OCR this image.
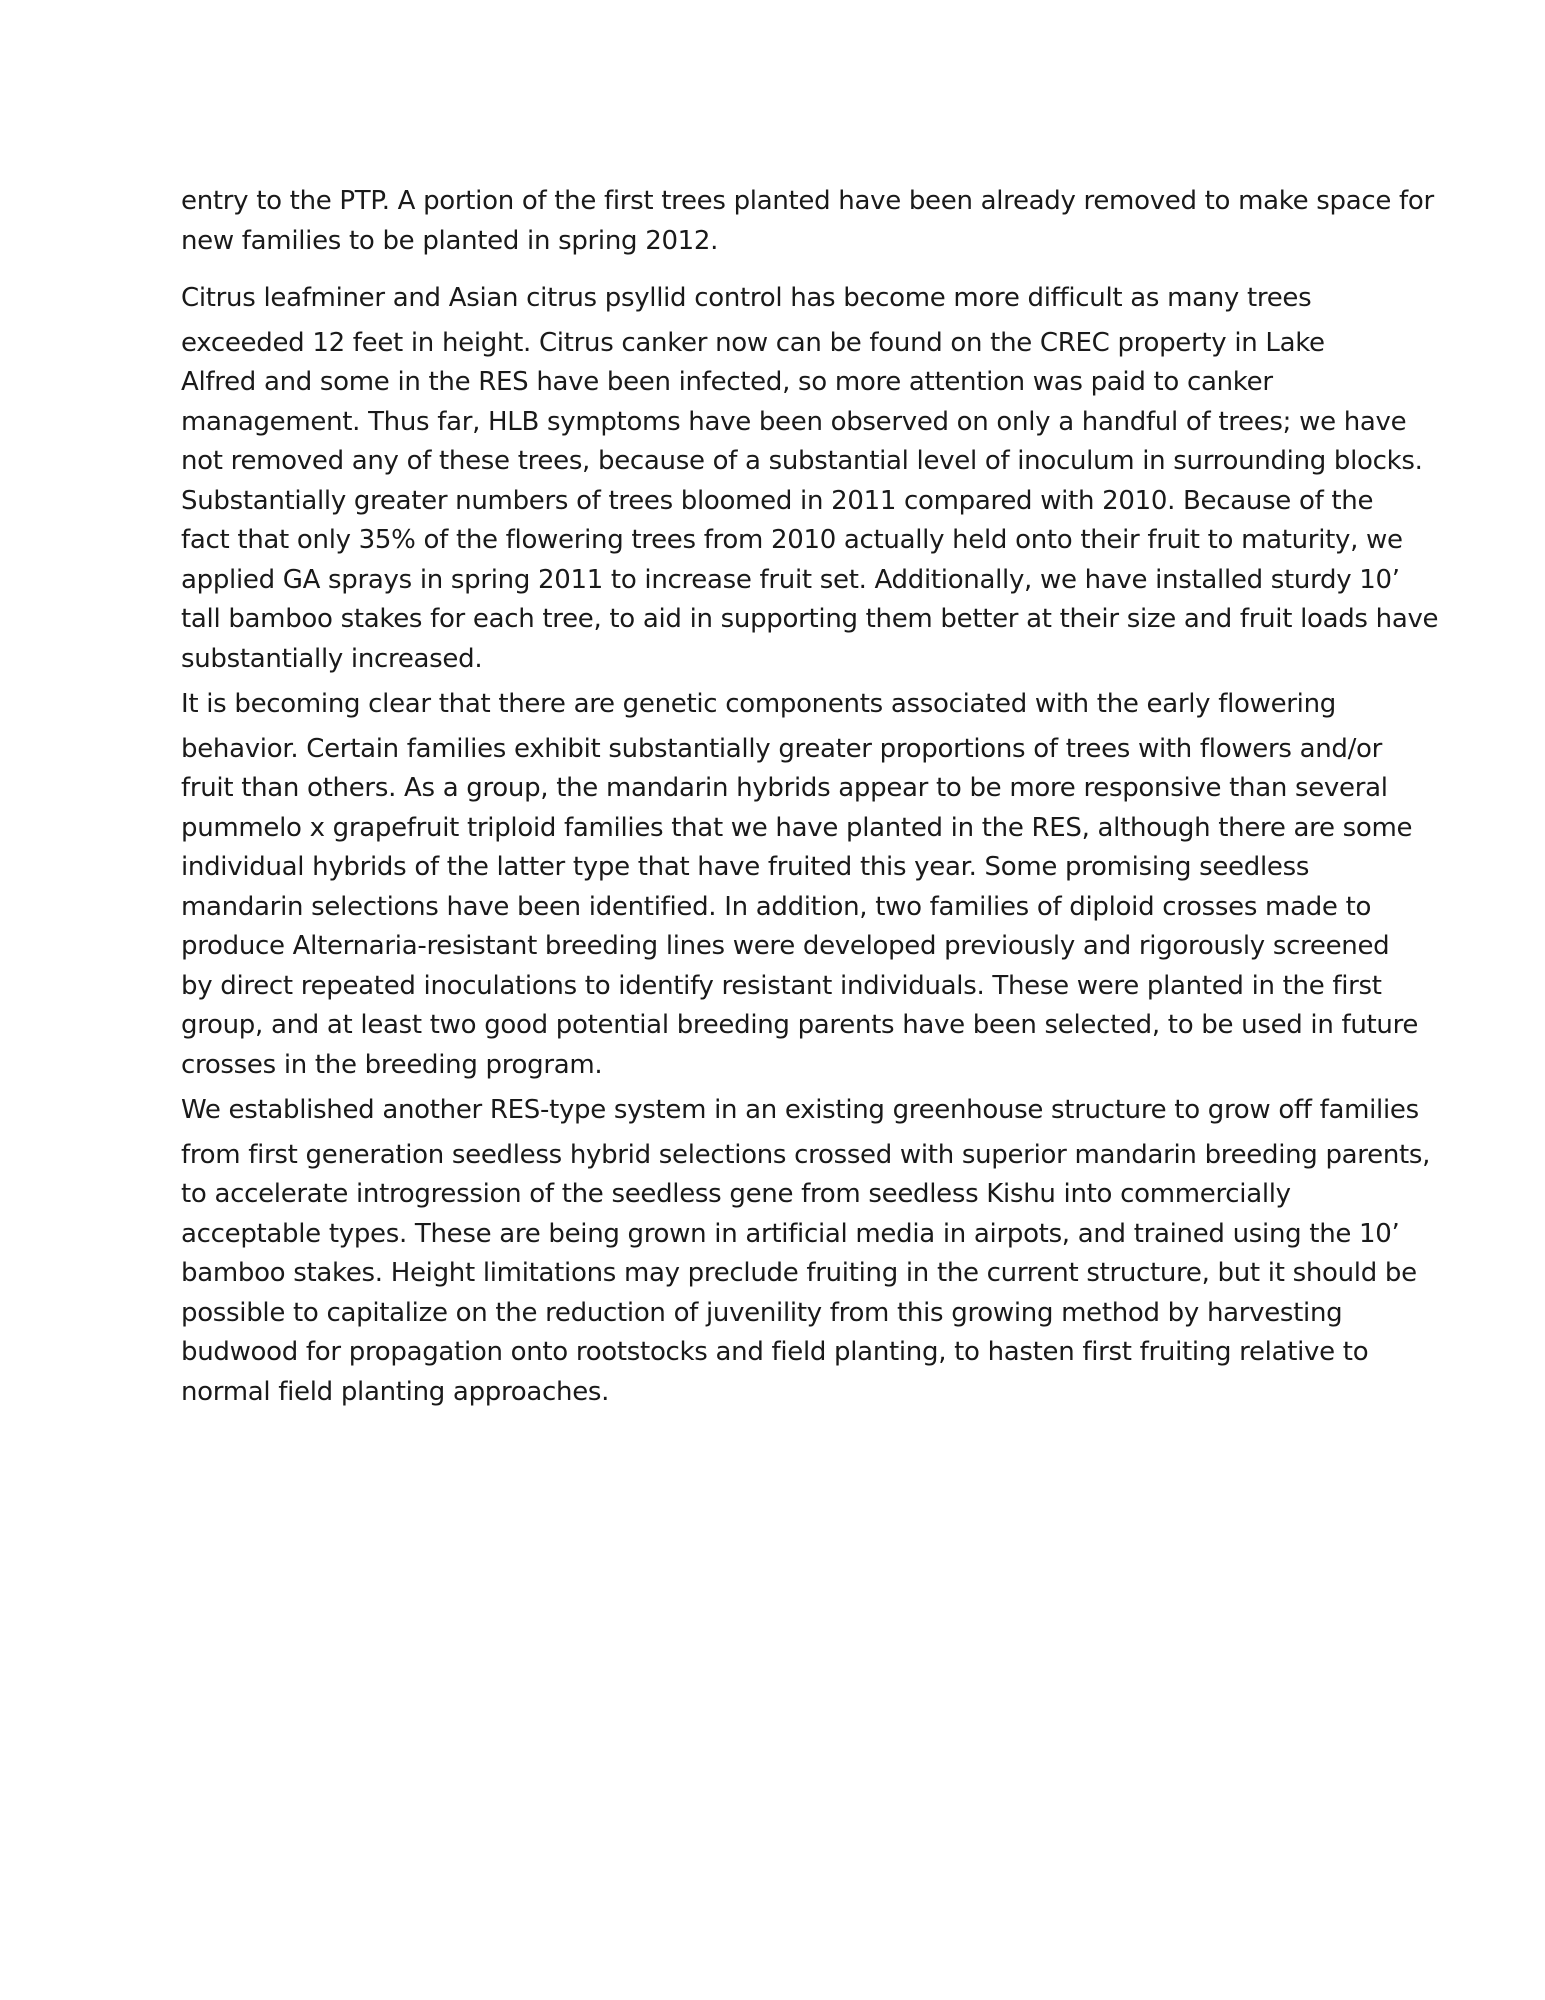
entry to the PTP. A portion of the first trees planted have been already removed to make space for
new families to be planted in spring 2012.
Citrus leafminer and Asian citrus psyllid control has become more difficult as many trees
exceeded 12 feet in height. Citrus canker now can be found on the CREC property in Lake
Alfred and some in the RES have been infected, so more attention was paid to canker
management. Thus far, HLB symptoms have been observed on only a handful of trees; we have
not removed any of these trees, because of a substantial level of inoculum in surrounding blocks.
Substantially greater numbers of trees bloomed in 2011 compared with 2010. Because of the
fact that only 35% of the flowering trees from 2010 actually held onto their fruit to maturity, we
applied GA sprays in spring 2011 to increase fruit set. Additionally, we have installed sturdy 10’
tall bamboo stakes for each tree, to aid in supporting them better at their size and fruit loads have
substantially increased.
It is becoming clear that there are genetic components associated with the early flowering
behavior. Certain families exhibit substantially greater proportions of trees with flowers and/or
fruit than others. As a group, the mandarin hybrids appear to be more responsive than several
pummelo x grapefruit triploid families that we have planted in the RES, although there are some
individual hybrids of the latter type that have fruited this year. Some promising seedless
mandarin selections have been identified. In addition, two families of diploid crosses made to
produce Alternaria-resistant breeding lines were developed previously and rigorously screened
by direct repeated inoculations to identify resistant individuals. These were planted in the first
group, and at least two good potential breeding parents have been selected, to be used in future
crosses in the breeding program.
We established another RES-type system in an existing greenhouse structure to grow off families
from first generation seedless hybrid selections crossed with superior mandarin breeding parents,
to accelerate introgression of the seedless gene from seedless Kishu into commercially
acceptable types. These are being grown in artificial media in airpots, and trained using the 10’
bamboo stakes. Height limitations may preclude fruiting in the current structure, but it should be
possible to capitalize on the reduction of juvenility from this growing method by harvesting
budwood for propagation onto rootstocks and field planting, to hasten first fruiting relative to
normal field planting approaches.
